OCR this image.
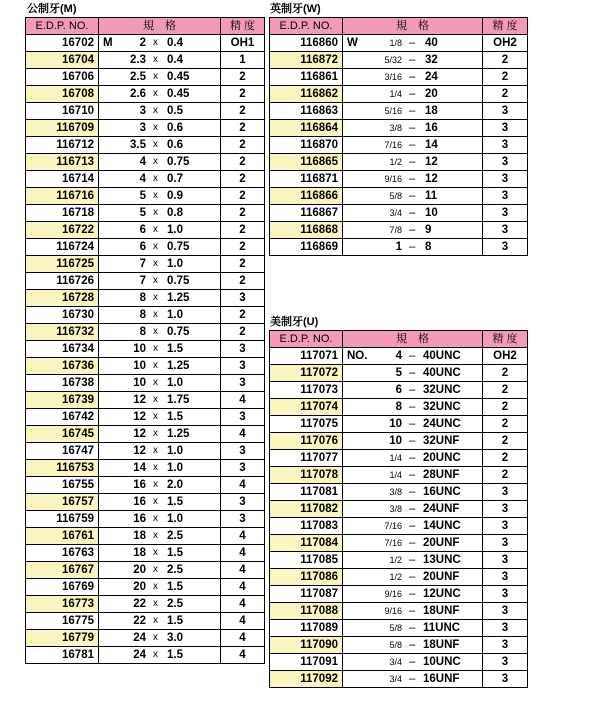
公制牙(M)
E.D.P. NO.	規　格	精 度
16702	M 2 x 0.4	OH1
16704	2.3 x 0.4	1
16706	2.5 x 0.45	2
16708	2.6 x 0.45	2
16710	3 x 0.5	2
116709	3 x 0.6	2
116712	3.5 x 0.6	2
116713	4 x 0.75	2
16714	4 x 0.7	2
116716	5 x 0.9	2
16718	5 x 0.8	2
16722	6 x 1.0	2
116724	6 x 0.75	2
116725	7 x 1.0	2
116726	7 x 0.75	2
16728	8 x 1.25	3
16730	8 x 1.0	2
116732	8 x 0.75	2
16734	10 x 1.5	3
16736	10 x 1.25	3
16738	10 x 1.0	3
16739	12 x 1.75	4
16742	12 x 1.5	3
16745	12 x 1.25	4
16747	12 x 1.0	3
116753	14 x 1.0	3
16755	16 x 2.0	4
16757	16 x 1.5	3
116759	16 x 1.0	3
16761	18 x 2.5	4
16763	18 x 1.5	4
16767	20 x 2.5	4
16769	20 x 1.5	4
16773	22 x 2.5	4
16775	22 x 1.5	4
16779	24 x 3.0	4
16781	24 x 1.5	4
英制牙(W)
E.D.P. NO.	規　格	精 度
116860	W 1/8 – 40	OH2
116872	5/32 – 32	2
116861	3/16 – 24	2
116862	1/4 – 20	2
116863	5/16 – 18	3
116864	3/8 – 16	3
116870	7/16 – 14	3
116865	1/2 – 12	3
116871	9/16 – 12	3
116866	5/8 – 11	3
116867	3/4 – 10	3
116868	7/8 – 9	3
116869	1 – 8	3
美制牙(U)
E.D.P. NO.	規　格	精 度
117071	NO. 4 – 40UNC	OH2
117072	5 – 40UNC	2
117073	6 – 32UNC	2
117074	8 – 32UNC	2
117075	10 – 24UNC	2
117076	10 – 32UNF	2
117077	1/4 – 20UNC	2
117078	1/4 – 28UNF	2
117081	3/8 – 16UNC	3
117082	3/8 – 24UNF	3
117083	7/16 – 14UNC	3
117084	7/16 – 20UNF	3
117085	1/2 – 13UNC	3
117086	1/2 – 20UNF	3
117087	9/16 – 12UNC	3
117088	9/16 – 18UNF	3
117089	5/8 – 11UNC	3
117090	5/8 – 18UNF	3
117091	3/4 – 10UNC	3
117092	3/4 – 16UNF	3
